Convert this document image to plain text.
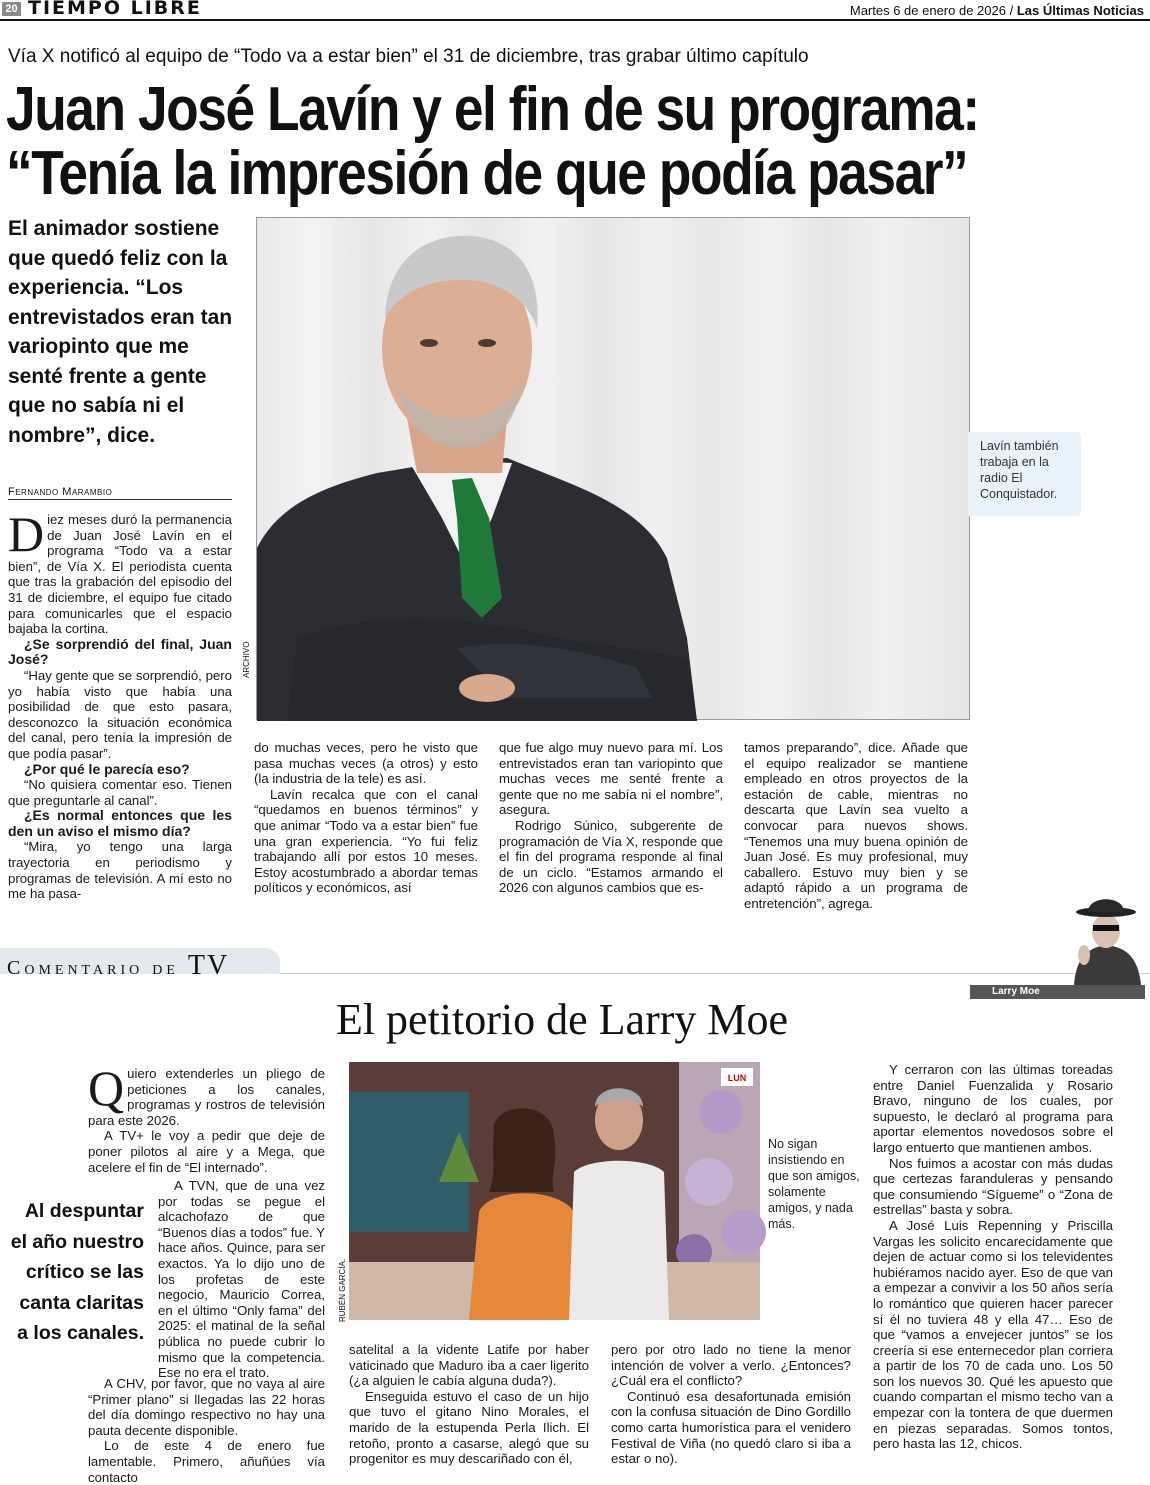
20 TIEMPO LIBRE	Martes 6 de enero de 2026 / Las Últimas Noticias
Vía X notificó al equipo de “Todo va a estar bien” el 31 de diciembre, tras grabar último capítulo
Juan José Lavín y el fin de su programa:
“Tenía la impresión de que podía pasar”
El animador sostiene que quedó feliz con la experiencia. “Los entrevistados eran tan variopinto que me senté frente a gente que no sabía ni el nombre”, dice.
Fernando Marambio

Diez meses duró la permanencia de Juan José Lavín en el programa “Todo va a estar bien”, de Vía X. El periodista cuenta que tras la grabación del episodio del 31 de diciembre, el equipo fue citado para comunicarles que el espacio bajaba la cortina.

¿Se sorprendió del final, Juan José?

“Hay gente que se sorprendió, pero yo había visto que había una posibilidad de que esto pasara, desconozco la situación económica del canal, pero tenía la impresión de que podía pasar”.

¿Por qué le parecía eso?

“No quisiera comentar eso. Tienen que preguntarle al canal”.

¿Es normal entonces que les den un aviso el mismo día?

“Mira, yo tengo una larga trayectoria en periodismo y programas de televisión. A mí esto no me ha pasa-

ARCHIVO
Lavín también trabaja en la radio El Conquistador.

do muchas veces, pero he visto que pasa muchas veces (a otros) y esto (la industria de la tele) es así.

Lavín recalca que con el canal “quedamos en buenos términos” y que animar “Todo va a estar bien” fue una gran experiencia. “Yo fui feliz trabajando allí por estos 10 meses. Estoy acostumbrado a abordar temas políticos y económicos, así

que fue algo muy nuevo para mí. Los entrevistados eran tan variopinto que muchas veces me senté frente a gente que no me sabía ni el nombre”, asegura.

Rodrigo Súnico, subgerente de programación de Vía X, responde que el fin del programa responde al final de un ciclo. “Estamos armando el 2026 con algunos cambios que es-

tamos preparando”, dice. Añade que el equipo realizador se mantiene empleado en otros proyectos de la estación de cable, mientras no descarta que Lavín sea vuelto a convocar para nuevos shows. “Tenemos una muy buena opinión de Juan José. Es muy profesional, muy caballero. Estuvo muy bien y se adaptó rápido a un programa de entretención”, agrega.

Comentario de TV
Larry Moe
El petitorio de Larry Moe
Al despuntar el año nuestro crítico se las canta claritas a los canales.

Quiero extenderles un pliego de peticiones a los canales, programas y rostros de televisión para este 2026.

A TV+ le voy a pedir que deje de poner pilotos al aire y a Mega, que acelere el fin de “El internado”.

A TVN, que de una vez por todas se pegue el alcachofazo de que “Buenos días a todos” fue. Y hace años. Quince, para ser exactos. Ya lo dijo uno de los profetas de este negocio, Mauricio Correa, en el último “Only fama” del 2025: el matinal de la señal pública no puede cubrir lo mismo que la competencia. Ese no era el trato.

A CHV, por favor, que no vaya al aire “Primer plano” si llegadas las 22 horas del día domingo respectivo no hay una pauta decente disponible.

Lo de este 4 de enero fue lamentable. Primero, añuñúes vía contacto

LUN
RUBÉN GARCÍA.
No sigan insistiendo en que son amigos, solamente amigos, y nada más.

satelital a la vidente Latife por haber vaticinado que Maduro iba a caer ligerito (¿a alguien le cabía alguna duda?).

Enseguida estuvo el caso de un hijo que tuvo el gitano Nino Morales, el marido de la estupenda Perla Ilich. El retoño, pronto a casarse, alegó que su progenitor es muy descariñado con él,

pero por otro lado no tiene la menor intención de volver a verlo. ¿Entonces? ¿Cuál era el conflicto?

Continuó esa desafortunada emisión con la confusa situación de Dino Gordillo como carta humorística para el venidero Festival de Viña (no quedó claro si iba a estar o no).

Y cerraron con las últimas toreadas entre Daniel Fuenzalida y Rosario Bravo, ninguno de los cuales, por supuesto, le declaró al programa para aportar elementos novedosos sobre el largo entuerto que mantienen ambos.

Nos fuimos a acostar con más dudas que certezas faranduleras y pensando que consumiendo “Sígueme” o “Zona de estrellas” basta y sobra.

A José Luis Repenning y Priscilla Vargas les solicito encarecidamente que dejen de actuar como si los televidentes hubiéramos nacido ayer. Eso de que van a empezar a convivir a los 50 años sería lo romántico que quieren hacer parecer sí él no tuviera 48 y ella 47… Eso de que “vamos a envejecer juntos” se los creería si ese enternecedor plan corriera a partir de los 70 de cada uno. Los 50 son los nuevos 30. Qué les apuesto que cuando compartan el mismo techo van a empezar con la tontera de que duermen en piezas separadas. Somos tontos, pero hasta las 12, chicos.
